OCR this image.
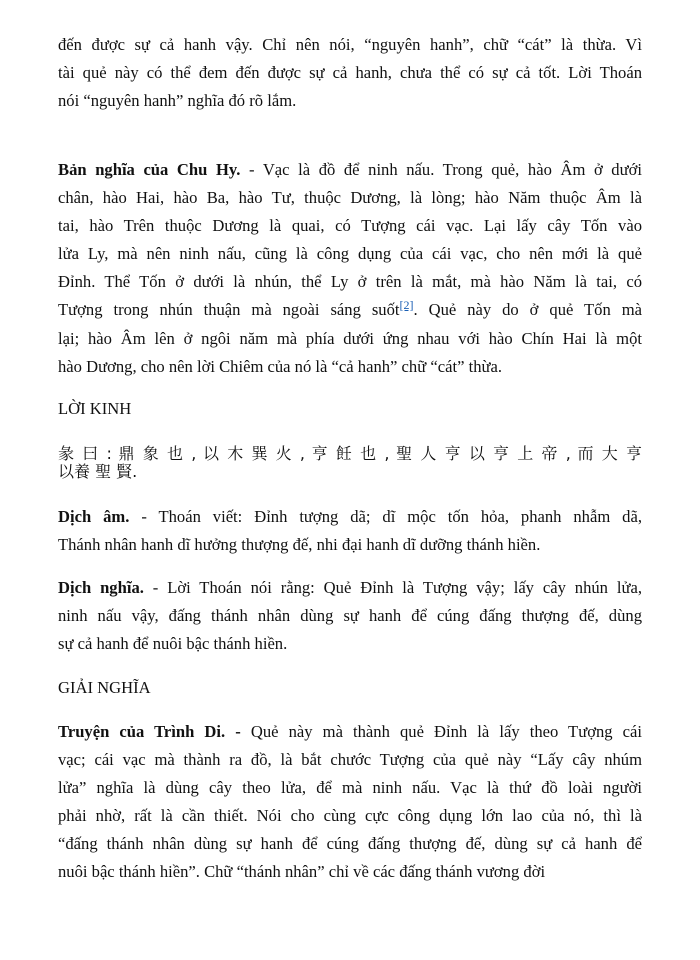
đến được sự cả hanh vậy. Chỉ nên nói, “nguyên hanh”, chữ “cát” là thừa. Vì
tài quẻ này có thể đem đến được sự cả hanh, chưa thể có sự cả tốt. Lời Thoán
nói “nguyên hanh” nghĩa đó rõ lắm.
Bản nghĩa của Chu Hy. - Vạc là đồ để ninh nấu. Trong quẻ, hào Âm ở dưới
chân, hào Hai, hào Ba, hào Tư, thuộc Dương, là lòng; hào Năm thuộc Âm là
tai, hào Trên thuộc Dương là quai, có Tượng cái vạc. Lại lấy cây Tốn vào
lửa Ly, mà nên ninh nấu, cũng là công dụng của cái vạc, cho nên mới là quẻ
Đỉnh. Thể Tốn ở dưới là nhún, thể Ly ở trên là mắt, mà hào Năm là tai, có
Tượng trong nhún thuận mà ngoài sáng suốt[2]. Quẻ này do ở quẻ Tốn mà
lại; hào Âm lên ở ngôi năm mà phía dưới ứng nhau với hào Chín Hai là một
hào Dương, cho nên lời Chiêm của nó là “cả hanh” chữ “cát” thừa.
LỜI KINH
彖 曰 : 鼎 象 也 , 以 木 巽 火 , 亨 飪 也 , 聖 人 亨 以 亨 上 帝 , 而 大 亨
以養 聖 賢.
Dịch âm. - Thoán viết: Đỉnh tượng dã; dĩ mộc tốn hỏa, phanh nhẫm dã,
Thánh nhân hanh dĩ hưởng thượng đế, nhi đại hanh dĩ dưỡng thánh hiền.
Dịch nghĩa. - Lời Thoán nói rằng: Quẻ Đỉnh là Tượng vậy; lấy cây nhún lửa,
ninh nấu vậy, đấng thánh nhân dùng sự hanh để cúng đấng thượng đế, dùng
sự cả hanh để nuôi bậc thánh hiền.
GIẢI NGHĨA
Truyện của Trình Di. - Quẻ này mà thành quẻ Đỉnh là lấy theo Tượng cái
vạc; cái vạc mà thành ra đồ, là bắt chước Tượng của quẻ này “Lấy cây nhúm
lửa” nghĩa là dùng cây theo lửa, để mà ninh nấu. Vạc là thứ đồ loài người
phải nhờ, rất là cần thiết. Nói cho cùng cực công dụng lớn lao của nó, thì là
“đấng thánh nhân dùng sự hanh để cúng đấng thượng đế, dùng sự cả hanh để
nuôi bậc thánh hiền”. Chữ “thánh nhân” chỉ về các đấng thánh vương đời
